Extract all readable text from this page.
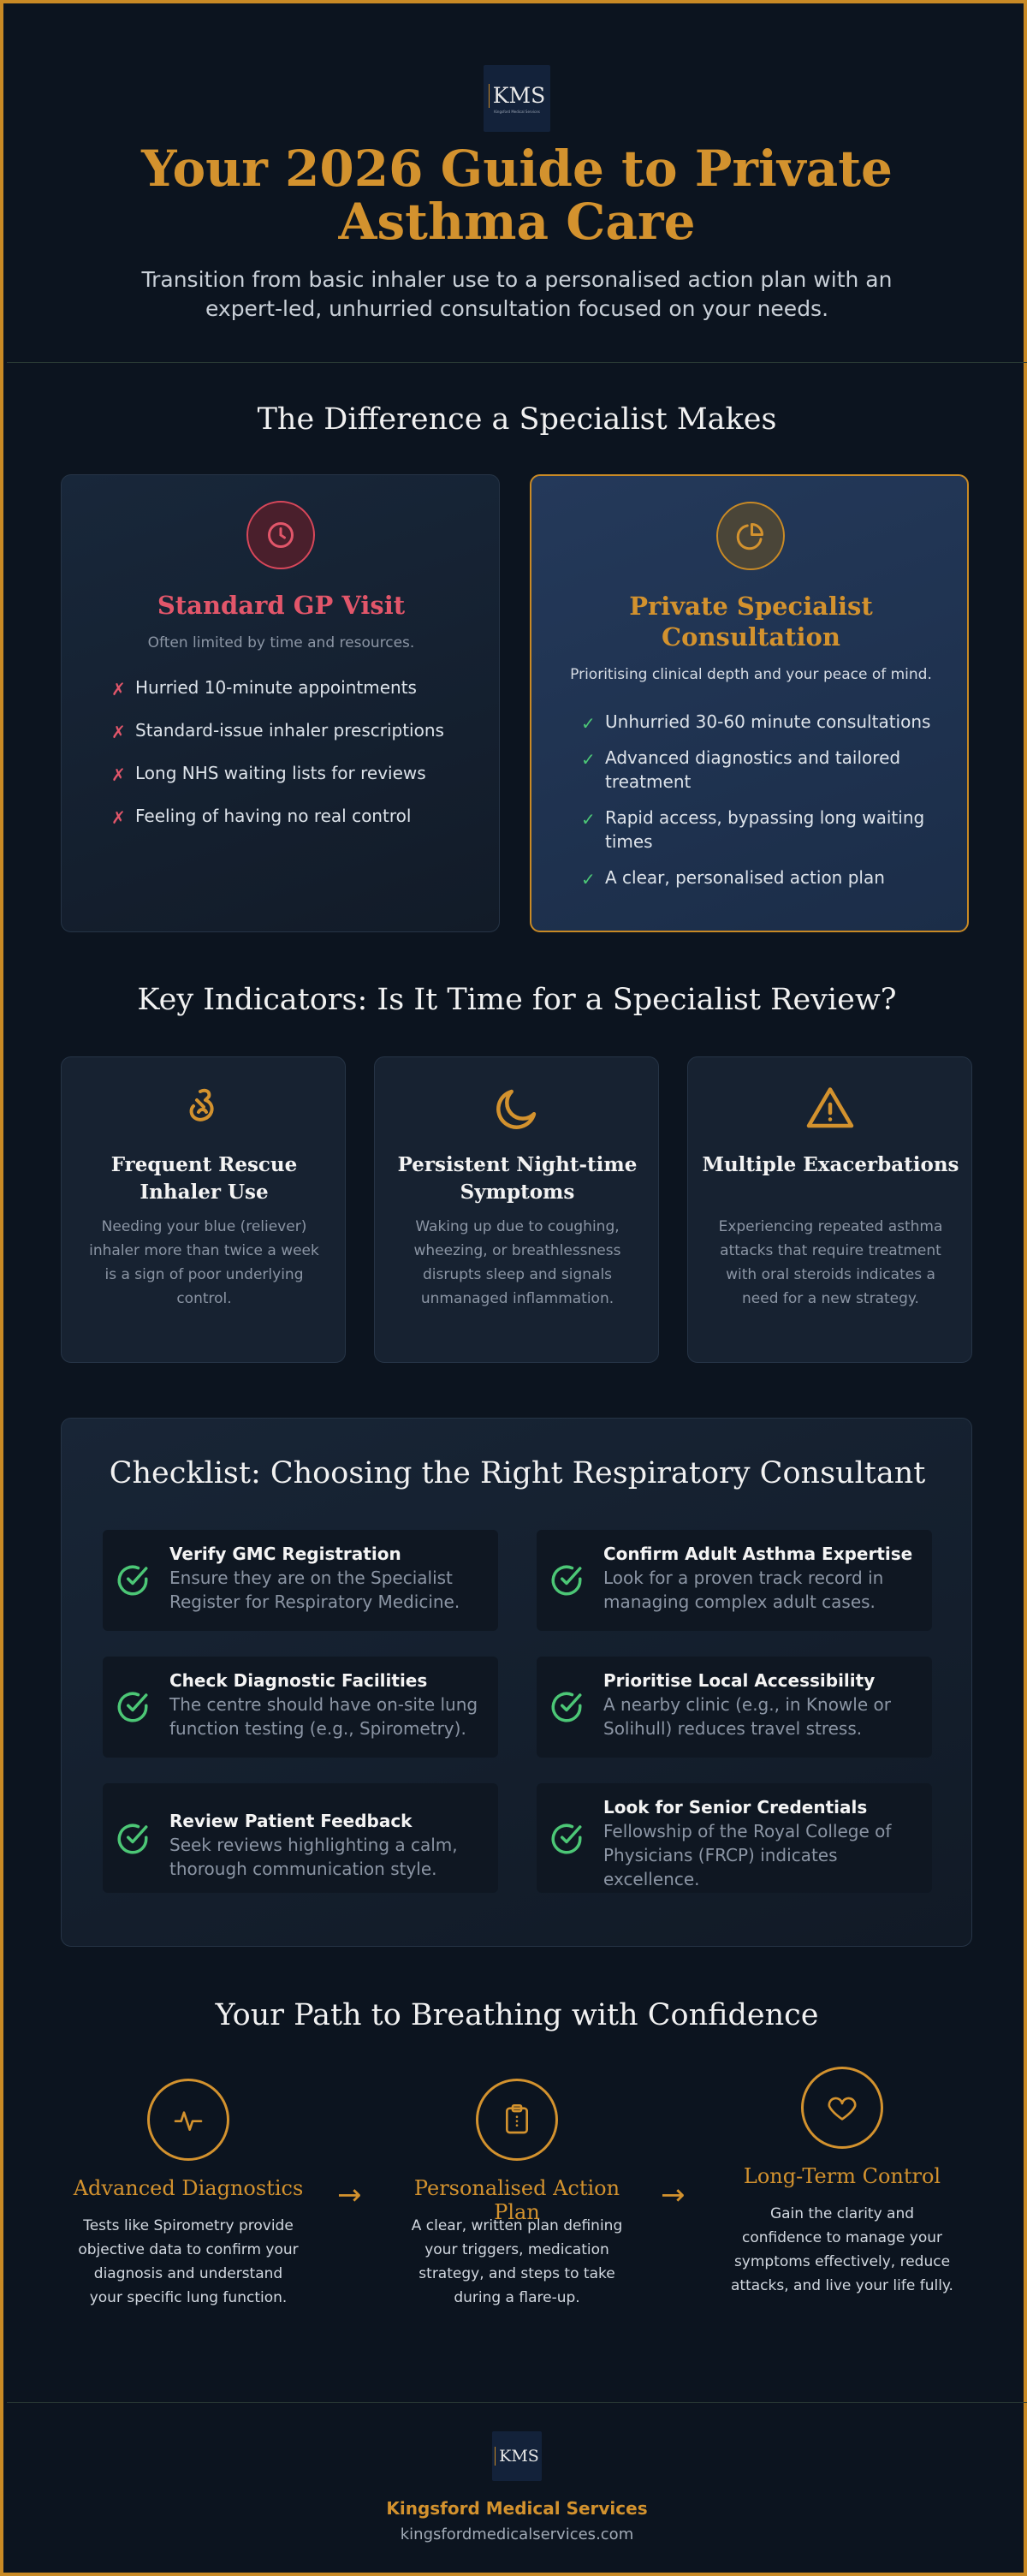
KMS
Kingsford Medical Services
Your 2026 Guide to Private Asthma Care
Transition from basic inhaler use to a personalised action plan with an expert-led, unhurried consultation focused on your needs.
The Difference a Specialist Makes
Standard GP Visit
Often limited by time and resources.
✗ Hurried 10-minute appointments
✗ Standard-issue inhaler prescriptions
✗ Long NHS waiting lists for reviews
✗ Feeling of having no real control
Private Specialist Consultation
Prioritising clinical depth and your peace of mind.
✓ Unhurried 30-60 minute consultations
✓ Advanced diagnostics and tailored treatment
✓ Rapid access, bypassing long waiting times
✓ A clear, personalised action plan
Key Indicators: Is It Time for a Specialist Review?
Frequent Rescue Inhaler Use
Needing your blue (reliever) inhaler more than twice a week is a sign of poor underlying control.
Persistent Night-time Symptoms
Waking up due to coughing, wheezing, or breathlessness disrupts sleep and signals unmanaged inflammation.
Multiple Exacerbations
Experiencing repeated asthma attacks that require treatment with oral steroids indicates a need for a new strategy.
Checklist: Choosing the Right Respiratory Consultant
Verify GMC Registration
Ensure they are on the Specialist Register for Respiratory Medicine.
Confirm Adult Asthma Expertise
Look for a proven track record in managing complex adult cases.
Check Diagnostic Facilities
The centre should have on-site lung function testing (e.g., Spirometry).
Prioritise Local Accessibility
A nearby clinic (e.g., in Knowle or Solihull) reduces travel stress.
Review Patient Feedback
Seek reviews highlighting a calm, thorough communication style.
Look for Senior Credentials
Fellowship of the Royal College of Physicians (FRCP) indicates excellence.
Your Path to Breathing with Confidence
Advanced Diagnostics
Tests like Spirometry provide objective data to confirm your diagnosis and understand your specific lung function.
→	Personalised Action Plan
A clear, written plan defining your triggers, medication strategy, and steps to take during a flare-up.
→
Long-Term Control
Gain the clarity and confidence to manage your symptoms effectively, reduce attacks, and live your life fully.
KMS
Kingsford Medical Services
kingsfordmedicalservices.com
